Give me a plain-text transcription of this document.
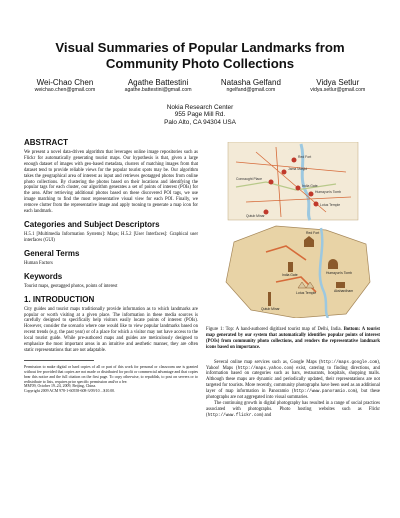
Visual Summaries of Popular Landmarks from Community Photo Collections
Wei-Chao Chen
weichao.chen@gmail.com
Agathe Battestini
agathe.battestini@gmail.com
Natasha Gelfand
ngelfand@gmail.com
Vidya Setlur
vidya.setlur@gmail.com
Nokia Research Center
955 Page Mill Rd.
Palo Alto, CA 94304 USA
ABSTRACT

We present a novel data-driven algorithm that leverages online image repositories such as Flickr for automatically generating tourist maps. Our hypothesis is that, given a large enough dataset of images with geo-based metadata, clusters of matching images from that dataset tend to provide reliable views for the popular tourist spots may be. Our algorithm takes the geographical area of interest as input and retrieves geotagged photos from online photo collections. By clustering the photos based on their locations and identifying the popular tags for each cluster, our algorithm generates a set of points of interest (POIs) for the area. After retrieving additional photos based on these discovered POI tags, we use image matching to find the most representative visual view for each POI. Finally, we remove clutter from the representative image and apply tooning to generate a map icon for each landmark.

Categories and Subject Descriptors

H.5.1 [Multimedia Information Systems]: Maps; H.5.2 [User Interfaces]: Graphical user interfaces (GUI)

General Terms

Human Factors

Keywords

Tourist maps, geotagged photos, points of interest

1. INTRODUCTION

City guides and tourist maps traditionally provide information as to which landmarks are popular or worth visiting at a given place. The information in these media sources is carefully designed to specifically help visitors easily locate points of interest (POIs). However, consider the scenario where one would like to view popular landmarks based on recent trends (e.g. the past year) or of a place for which a visitor may not have access to the local tourist guide. While pre-authored maps and guides are meticulously designed to emphasize the most important areas in an intuitive and aesthetic manner, they are often static representations that are not adaptable.

Permission to make digital or hard copies of all or part of this work for personal or classroom use is granted without fee provided that copies are not made or distributed for profit or commercial advantage and that copies bear this notice and the full citation on the first page. To copy otherwise, to republish, to post on servers or to redistribute to lists, requires prior specific permission and/or a fee.
MM'09, October 19–24, 2009, Beijing, China.
Copyright 2009 ACM 978-1-60558-608-3/09/10 ...$10.00.
Red Fort
Jama Masjid
Connaught Place
India Gate
Humayun's Tomb
Lotus Temple
Qutub Minar
Red Fort
India Gate	Humayun's Tomb
Qutub Minar
Lotus Temple	Akshardham
Figure 1: Top: A hand-authored digitized tourist map of Delhi, India. Bottom: A tourist map generated by our system that automatically identifies popular points of interest (POIs) from community photo collections, and renders the representative landmark icons based on importance.

Several online map services such as, Google Maps (http://maps.google.com), Yahoo! Maps (http://maps.yahoo.com) exist, catering to finding directions, and information based on categories such as bars, restaurants, hospitals, shopping malls. Although these maps are dynamic and periodically updated, their representations are not targeted for tourists. More recently, community photographs have been used as an additional layer of map information in Panoramio (http://www.panoramio.com), but these photographs are not aggregated into visual summaries.

The continuing growth in digital photography has resulted in a range of social practices associated with photographs. Photo hosting websites such as Flickr (http://www.flickr.com) and
